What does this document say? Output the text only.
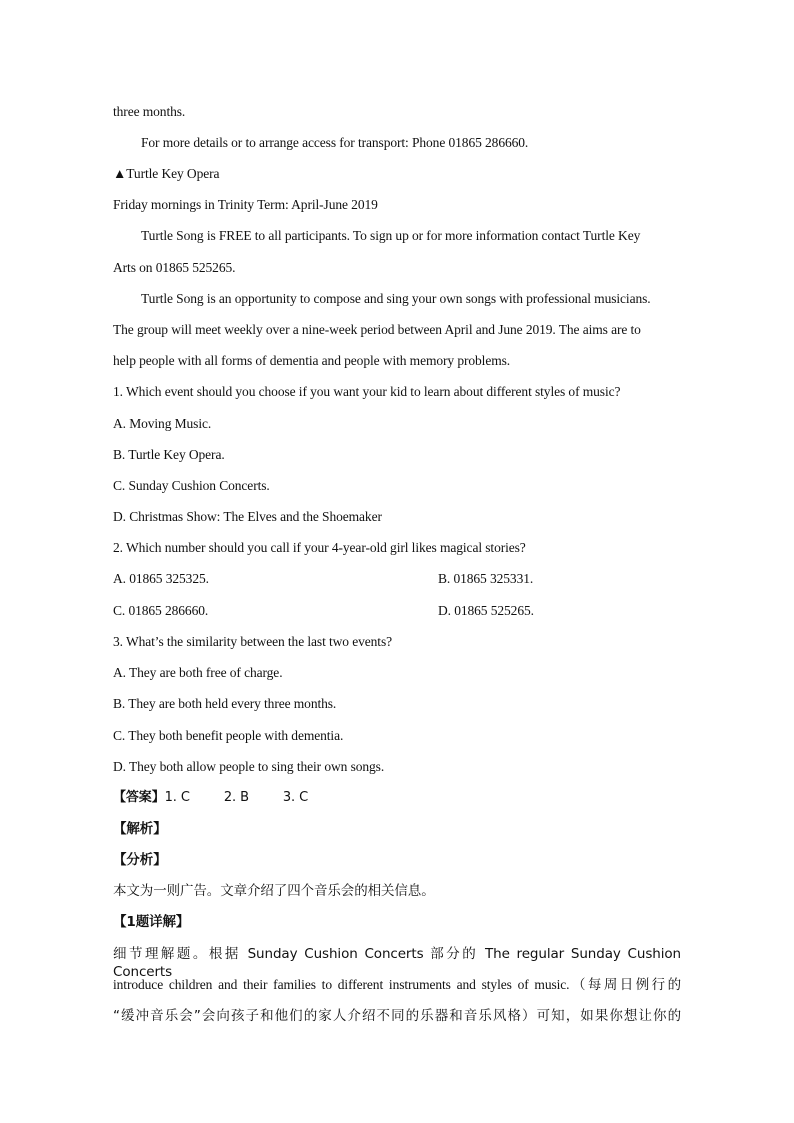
three months.
For more details or to arrange access for transport: Phone 01865 286660.
▲Turtle Key Opera
Friday mornings in Trinity Term: April-June 2019
Turtle Song is FREE to all participants. To sign up or for more information contact Turtle Key
Arts on 01865 525265.
Turtle Song is an opportunity to compose and sing your own songs with professional musicians.
The group will meet weekly over a nine-week period between April and June 2019. The aims are to
help people with all forms of dementia and people with memory problems.
1. Which event should you choose if you want your kid to learn about different styles of music?
A. Moving Music.
B. Turtle Key Opera.
C. Sunday Cushion Concerts.
D. Christmas Show: The Elves and the Shoemaker
2. Which number should you call if your 4-year-old girl likes magical stories?
A. 01865 325325.	B. 01865 325331.
C. 01865 286660.	D. 01865 525265.
3. What’s the similarity between the last two events?
A. They are both free of charge.
B. They are both held every three months.
C. They both benefit people with dementia.
D. They both allow people to sing their own songs.
【答案】1. C	2. B	3. C
【解析】
【分析】
本文为一则广告。文章介绍了四个音乐会的相关信息。
【1题详解】
细节理解题。根据 Sunday Cushion Concerts 部分的 The regular Sunday Cushion Concerts
introduce children and their families to different instruments and styles of music.（每周日例行的
“缓冲音乐会”会向孩子和他们的家人介绍不同的乐器和音乐风格）可知，如果你想让你的
